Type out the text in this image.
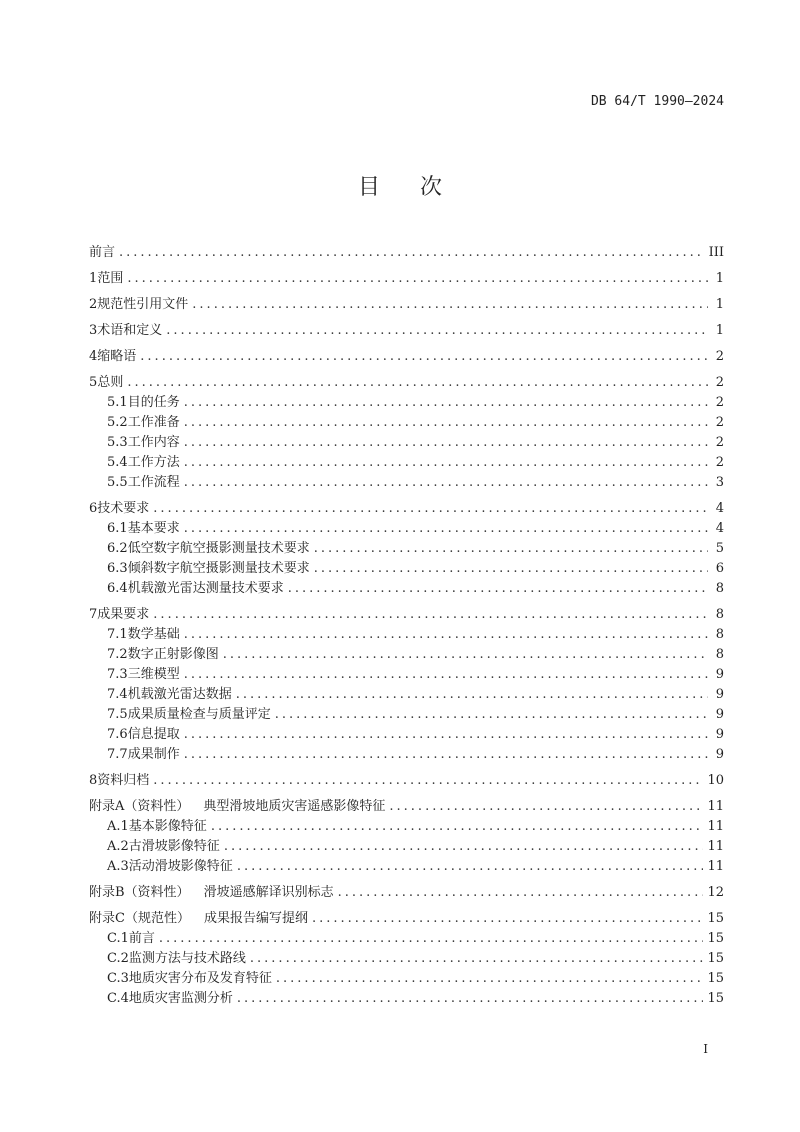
DB 64/T 1990—2024
目次
前言 .....	III
1 范围 .....	1
2 规范性引用文件 .....	1
3 术语和定义 .....	1
4 缩略语 .....	2
5 总则 .....	2
5.1 目的任务 .....	2
5.2 工作准备 .....	2
5.3 工作内容 .....	2
5.4 工作方法 .....	2
5.5 工作流程 .....	3
6 技术要求 .....	4
6.1 基本要求 .....	4
6.2 低空数字航空摄影测量技术要求 .....	5
6.3 倾斜数字航空摄影测量技术要求 .....	6
6.4 机载激光雷达测量技术要求 .....	8
7 成果要求 .....	8
7.1 数学基础 .....	8
7.2 数字正射影像图 .....	8
7.3 三维模型 .....	9
7.4 机载激光雷达数据 .....	9
7.5 成果质量检查与质量评定 .....	9
7.6 信息提取 .....	9
7.7 成果制作 .....	9
8 资料归档 .....	10
附录A（资料性） 典型滑坡地质灾害遥感影像特征 .....	11
A.1 基本影像特征 .....	11
A.2 古滑坡影像特征 .....	11
A.3 活动滑坡影像特征 .....	11
附录B（资料性） 滑坡遥感解译识别标志 .....	12
附录C（规范性） 成果报告编写提纲 .....	15
C.1 前言 .....	15
C.2 监测方法与技术路线 .....	15
C.3 地质灾害分布及发育特征 .....	15
C.4 地质灾害监测分析 .....	15
I
